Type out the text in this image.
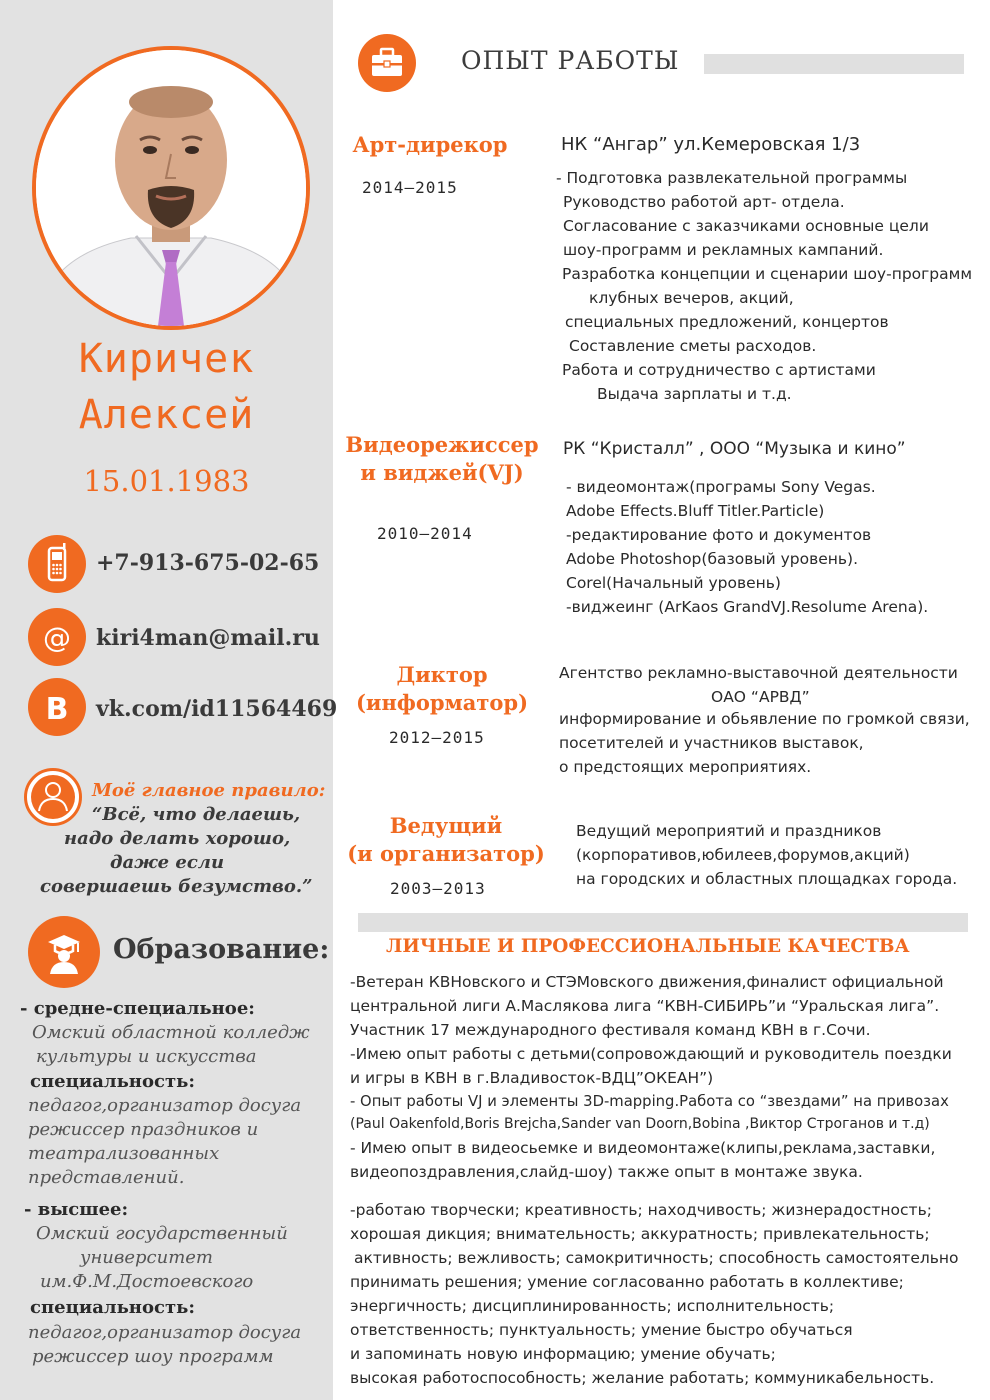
Киричек
Алексей
15.01.1983
+7-913-675-02-65
@ kiri4man@mail.ru
B vk.com/id11564469
Моё главное правило:
“Всё, что делаешь,
надо делать хорошо,
даже если
совершаешь безумство.”
Образование:
- средне-специальное:
Омский областной колледж
культуры и искусства
специальность:
педагог,организатор досуга
режиссер праздников и
театрализованных
представлений.
- высшее:
Омский государственный
университет
им.Ф.М.Достоевского
специальность:
педагог,организатор досуга
режиссер шоу программ
ОПЫТ РАБОТЫ
Арт-дирекор
2014–2015
НК “Ангар” ул.Кемеровская 1/3
- Подготовка развлекательной программы
Руководство работой арт- отдела.
Согласование с заказчиками основные цели
шоу-программ и рекламных кампаний.
Разработка концепции и сценарии шоу-программ
клубных вечеров, акций,
специальных предложений, концертов
Составление сметы расходов.
Работа и сотрудничество с артистами
Выдача зарплаты и т.д.
Видеорежиссер
и виджей(VJ)
2010–2014
РК “Кристалл” , ООО “Музыка и кино”
- видеомонтаж(програмы Sony Vegas.
Adobe Effects.Bluff Titler.Particle)
-редактирование фото и документов
Adobe Photoshop(базовый уровень).
Corel(Начальный уровень)
-виджеинг (ArKaos GrandVJ.Resolume Arena).
Диктор
(информатор)
2012–2015
Агентство рекламно-выставочной деятельности
ОАО “АРВД”
информирование и обьявление по громкой связи,
посетителей и участников выставок,
о предстоящих мероприятиях.
Ведущий
(и организатор)
2003–2013
Ведущий мероприятий и праздников
(корпоративов,юбилеев,форумов,акций)
на городских и областных площадках города.
ЛИЧНЫЕ И ПРОФЕССИОНАЛЬНЫЕ КАЧЕСТВА
-Ветеран КВНовского и СТЭМовского движения,финалист официальной
центральной лиги А.Маслякова лига “КВН-СИБИРЬ”и “Уральская лига”.
Участник 17 международного фестиваля команд КВН в г.Сочи.
-Имею опыт работы с детьми(сопровождающий и руководитель поездки
и игры в КВН в г.Владивосток-ВДЦ”ОКЕАН”)
- Опыт работы VJ и элементы 3D-mapping.Работа со “звездами” на привозах
(Paul Oakenfold,Boris Brejcha,Sander van Doorn,Bobina ,Виктор Строганов и т.д)
- Имею опыт в видеосьемке и видеомонтаже(клипы,реклама,заставки,
видеопоздравления,слайд-шоу) также опыт в монтаже звука.
-работаю творчески; креативность; находчивость; жизнерадостность;
хорошая дикция; внимательность; аккуратность; привлекательность;
активность; вежливость; самокритичность; способность самостоятельно
принимать решения; умение согласованно работать в коллективе;
энергичность; дисциплинированность; исполнительность;
ответственность; пунктуальность; умение быстро обучаться
и запоминать новую информацию; умение обучать;
высокая работоспособность; желание работать; коммуникабельность.
